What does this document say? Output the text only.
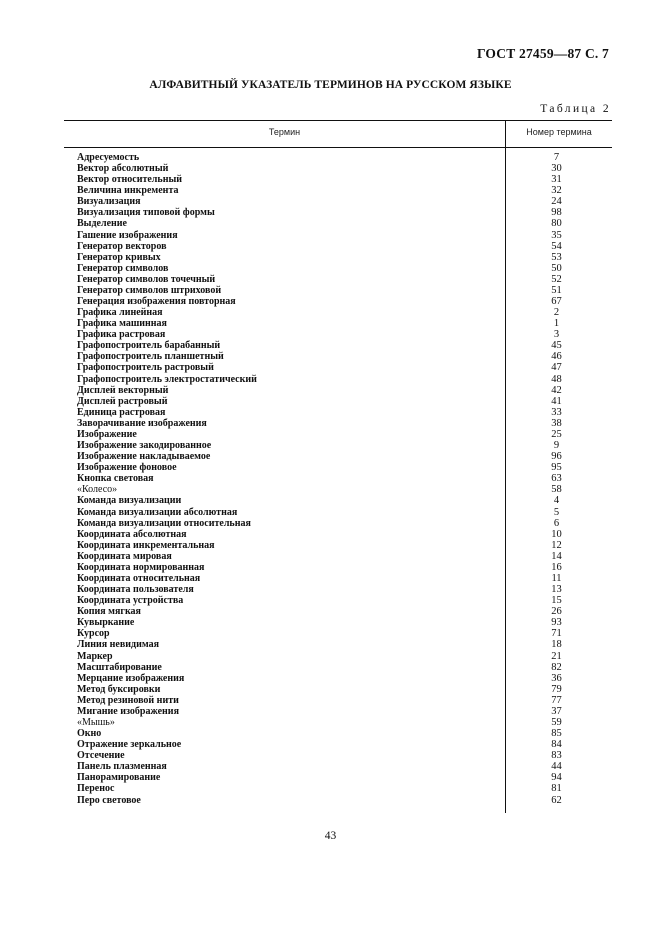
ГОСТ 27459—87 С. 7
АЛФАВИТНЫЙ УКАЗАТЕЛЬ ТЕРМИНОВ НА РУССКОМ ЯЗЫКЕ
Таблица 2
Термин	Номер термина
Адресуемость	7
Вектор абсолютный	30
Вектор относительный	31
Величина инкремента	32
Визуализация	24
Визуализация типовой формы	98
Выделение	80
Гашение изображения	35
Генератор векторов	54
Генератор кривых	53
Генератор символов	50
Генератор символов точечный	52
Генератор символов штриховой	51
Генерация изображения повторная	67
Графика линейная	2
Графика машинная	1
Графика растровая	3
Графопостроитель барабанный	45
Графопостроитель планшетный	46
Графопостроитель растровый	47
Графопостроитель электростатический	48
Дисплей векторный	42
Дисплей растровый	41
Единица растровая	33
Заворачивание изображения	38
Изображение	25
Изображение закодированное	9
Изображение накладываемое	96
Изображение фоновое	95
Кнопка световая	63
«Колесо»	58
Команда визуализации	4
Команда визуализации абсолютная	5
Команда визуализации относительная	6
Координата абсолютная	10
Координата инкрементальная	12
Координата мировая	14
Координата нормированная	16
Координата относительная	11
Координата пользователя	13
Координата устройства	15
Копия мягкая	26
Кувыркание	93
Курсор	71
Линия невидимая	18
Маркер	21
Масштабирование	82
Мерцание изображения	36
Метод буксировки	79
Метод резиновой нити	77
Мигание изображения	37
«Мышь»	59
Окно	85
Отражение зеркальное	84
Отсечение	83
Панель плазменная	44
Панорамирование	94
Перенос	81
Перо световое	62
43
